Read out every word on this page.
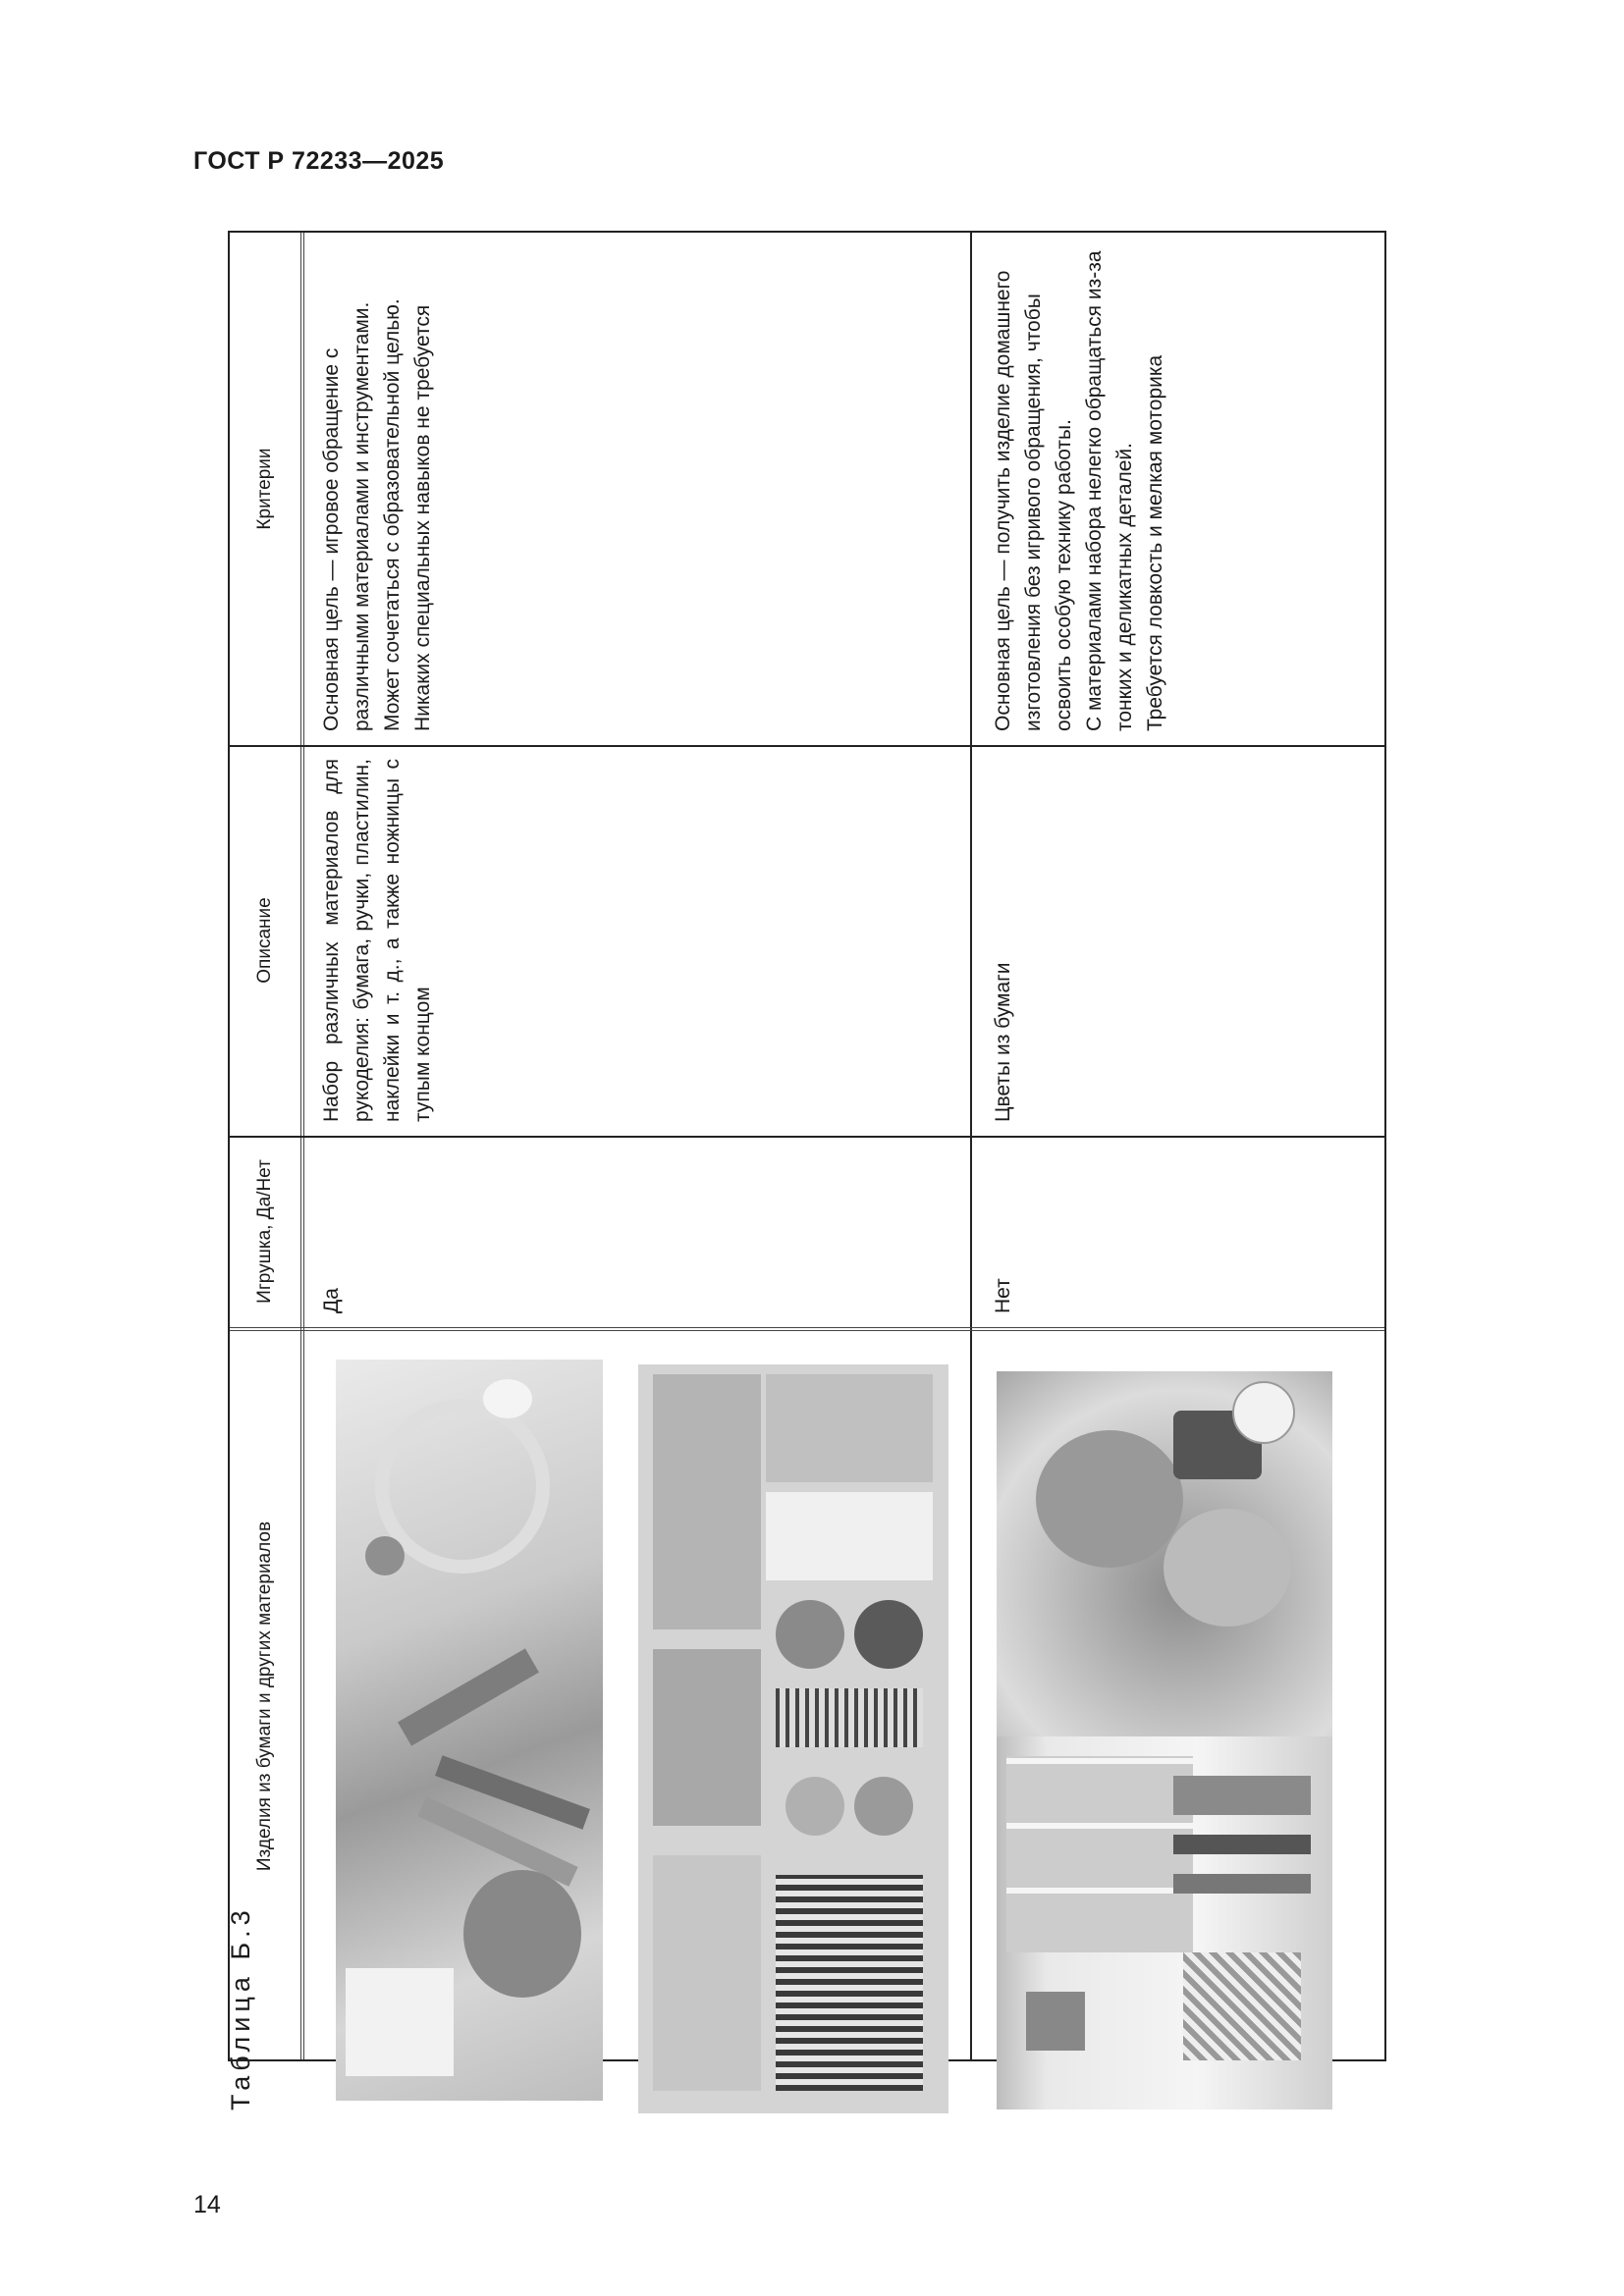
ГОСТ Р 72233—2025
Таблица Б.3
14
Изделия из бумаги и других материалов
Игрушка, Да/Нет
Описание
Критерии
Да
Набор различных материалов для рукоделия: бумага, ручки, пластилин, наклейки и т. д., а также ножницы с тупым концом
Основная цель — игровое обращение с различными материалами и инструментами. Может сочетаться с образовательной целью. Никаких специальных навыков не требуется
Нет
Цветы из бумаги
Основная цель — получить изделие домашнего изготовления без игривого обращения, чтобы освоить особую технику работы. С материалами набора нелегко обращаться из-за тонких и деликатных деталей. Требуется ловкость и мелкая моторика
